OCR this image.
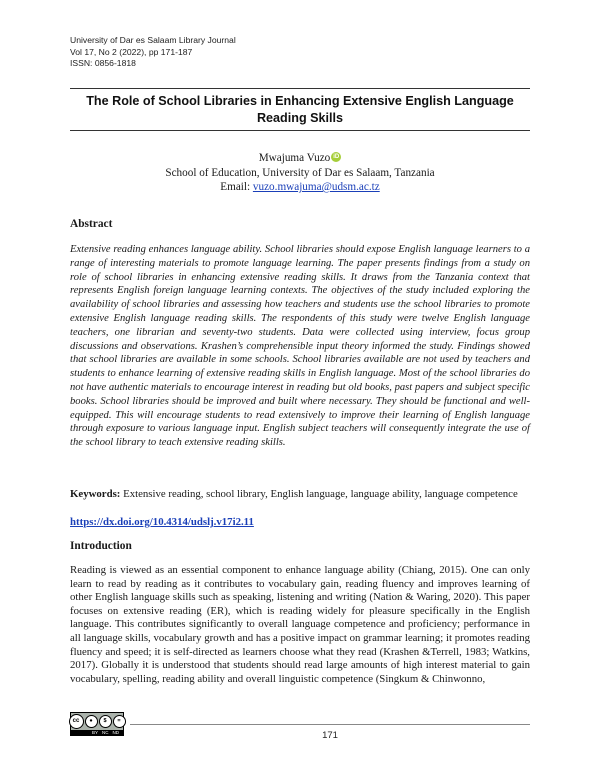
University of Dar es Salaam Library Journal
Vol 17, No 2 (2022), pp 171-187
ISSN: 0856-1818
The Role of School Libraries in Enhancing Extensive English Language Reading Skills
Mwajuma Vuzo iD
School of Education, University of Dar es Salaam, Tanzania
Email: vuzo.mwajuma@udsm.ac.tz
Abstract
Extensive reading enhances language ability. School libraries should expose English language learners to a range of interesting materials to promote language learning. The paper presents findings from a study on role of school libraries in enhancing extensive reading skills. It draws from the Tanzania context that represents English foreign language learning contexts. The objectives of the study included exploring the availability of school libraries and assessing how teachers and students use the school libraries to promote extensive English language reading skills. The respondents of this study were twelve English language teachers, one librarian and seventy-two students. Data were collected using interview, focus group discussions and observations. Krashen’s comprehensible input theory informed the study. Findings showed that school libraries are available in some schools. School libraries available are not used by teachers and students to enhance learning of extensive reading skills in English language. Most of the school libraries do not have authentic materials to encourage interest in reading but old books, past papers and subject specific books. School libraries should be improved and built where necessary. They should be functional and well-equipped. This will encourage students to read extensively to improve their learning of English language through exposure to various language input. English subject teachers will consequently integrate the use of the school library to teach extensive reading skills.
Keywords: Extensive reading, school library, English language, language ability, language competence
https://dx.doi.org/10.4314/udslj.v17i2.11
Introduction
Reading is viewed as an essential component to enhance language ability (Chiang, 2015). One can only learn to read by reading as it contributes to vocabulary gain, reading fluency and improves learning of other English language skills such as speaking, listening and writing (Nation & Waring, 2020). This paper focuses on extensive reading (ER), which is reading widely for pleasure specifically in the English language. This contributes significantly to overall language competence and proficiency; performance in all language skills, vocabulary growth and has a positive impact on grammar learning; it promotes reading fluency and speed; it is self-directed as learners choose what they read (Krashen &Terrell, 1983; Watkins, 2017). Globally it is understood that students should read large amounts of high interest material to gain vocabulary, spelling, reading ability and overall linguistic competence (Singkum & Chinwonno,
cc	●	$	=
BY NC ND	171
